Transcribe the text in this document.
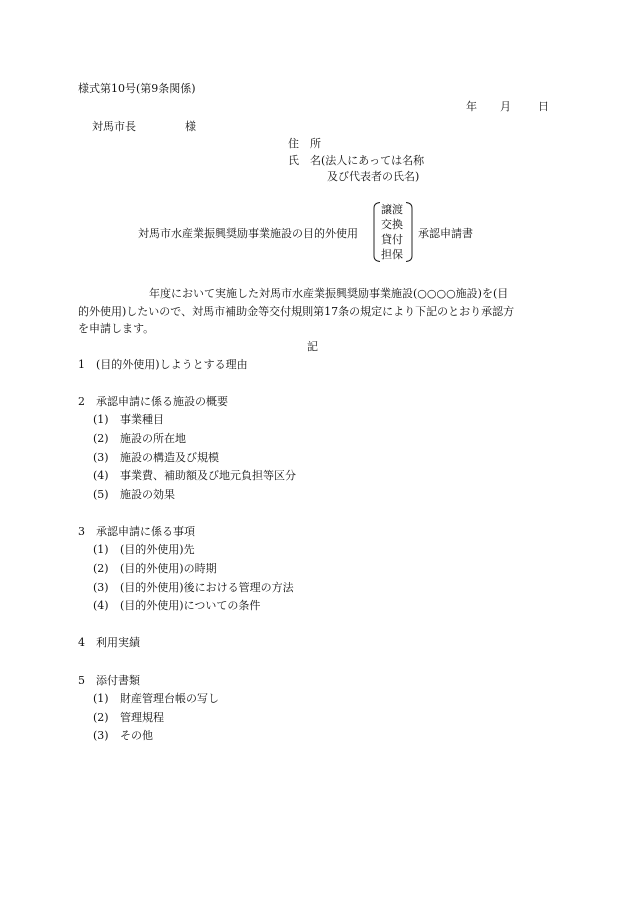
様式第10号(第9条関係)
年 月 日
対馬市長	様
住　所
氏　名(法人にあっては名称
及び代表者の氏名)
対馬市水産業振興奨励事業施設の目的外使用
譲渡
交換
貸付
担保
承認申請書
年度において実施した対馬市水産業振興奨励事業施設(○○○○施設)を(目
的外使用)したいので、対馬市補助金等交付規則第17条の規定により下記のとおり承認方
を申請します。
記
1 (目的外使用)しようとする理由
2 承認申請に係る施設の概要
(1) 事業種目
(2) 施設の所在地
(3) 施設の構造及び規模
(4) 事業費、補助額及び地元負担等区分
(5) 施設の効果
3 承認申請に係る事項
(1) (目的外使用)先
(2) (目的外使用)の時期
(3) (目的外使用)後における管理の方法
(4) (目的外使用)についての条件
4 利用実績
5 添付書類
(1) 財産管理台帳の写し
(2) 管理規程
(3) その他
